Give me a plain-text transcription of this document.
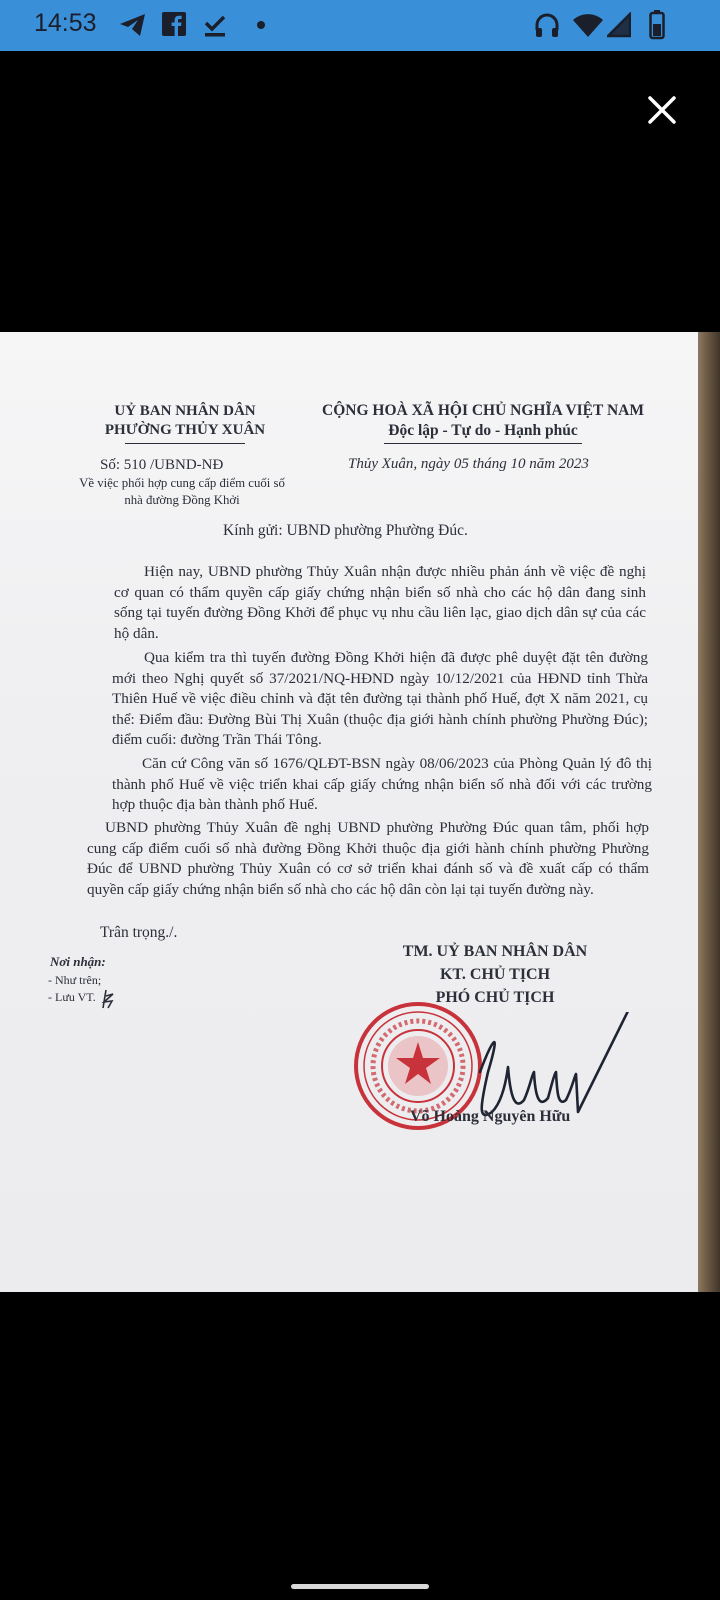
14:53
UỶ BAN NHÂN DÂN
PHƯỜNG THỦY XUÂN
CỘNG HOÀ XÃ HỘI CHỦ NGHĨA VIỆT NAM
Độc lập - Tự do - Hạnh phúc
Số: 510 /UBND-NĐ
Về việc phối hợp cung cấp điểm cuối số
nhà đường Đồng Khởi
Thủy Xuân, ngày 05 tháng 10 năm 2023
Kính gửi: UBND phường Phường Đúc.

Hiện nay, UBND phường Thủy Xuân nhận được nhiều phản ánh về việc đề nghị cơ quan có thẩm quyền cấp giấy chứng nhận biển số nhà cho các hộ dân đang sinh sống tại tuyến đường Đồng Khởi để phục vụ nhu cầu liên lạc, giao dịch dân sự của các hộ dân.

Qua kiểm tra thì tuyến đường Đồng Khởi hiện đã được phê duyệt đặt tên đường mới theo Nghị quyết số 37/2021/NQ-HĐND ngày 10/12/2021 của HĐND tỉnh Thừa Thiên Huế về việc điều chỉnh và đặt tên đường tại thành phố Huế, đợt X năm 2021, cụ thể: Điểm đầu: Đường Bùi Thị Xuân (thuộc địa giới hành chính phường Phường Đúc); điểm cuối: đường Trần Thái Tông.

Căn cứ Công văn số 1676/QLĐT-BSN ngày 08/06/2023 của Phòng Quản lý đô thị thành phố Huế về việc triển khai cấp giấy chứng nhận biển số nhà đối với các trường hợp thuộc địa bàn thành phố Huế.

UBND phường Thủy Xuân đề nghị UBND phường Phường Đúc quan tâm, phối hợp cung cấp điểm cuối số nhà đường Đồng Khởi thuộc địa giới hành chính phường Phường Đúc để UBND phường Thủy Xuân có cơ sở triển khai đánh số và đề xuất cấp có thẩm quyền cấp giấy chứng nhận biển số nhà cho các hộ dân còn lại tại tuyến đường này.

Trân trọng./.
Nơi nhận:
- Như trên;
- Lưu VT.
TM. UỶ BAN NHÂN DÂN
KT. CHỦ TỊCH
PHÓ CHỦ TỊCH
Võ Hoàng Nguyên Hữu
